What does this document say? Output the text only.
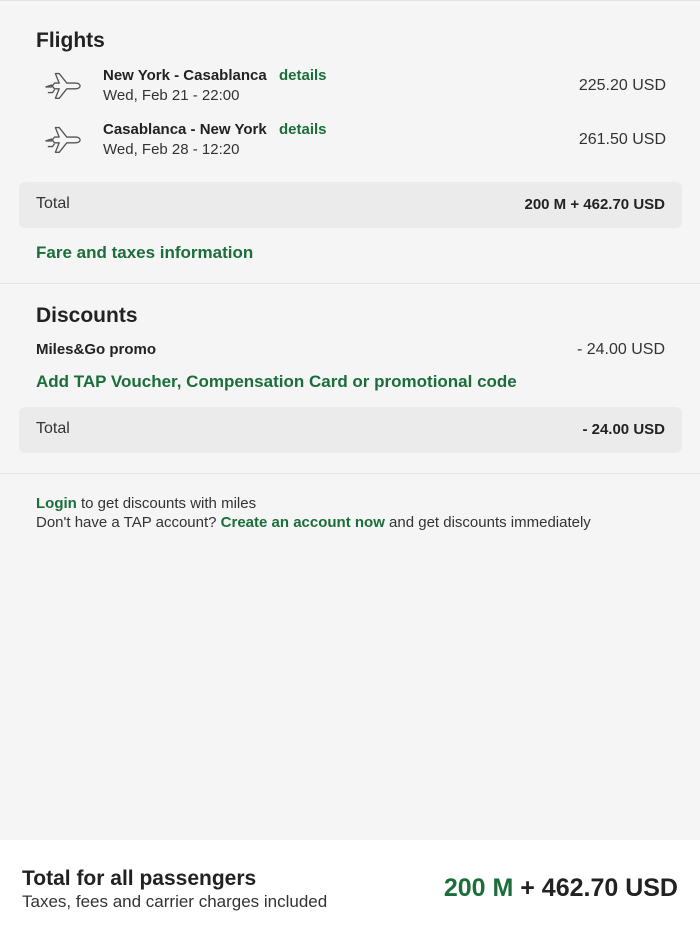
Flights
New York - Casablanca details
Wed, Feb 21 - 22:00
225.20 USD
Casablanca - New York details
Wed, Feb 28 - 12:20
261.50 USD
Total	200 M + 462.70 USD
Fare and taxes information
Discounts
Miles&Go promo	- 24.00 USD
Add TAP Voucher, Compensation Card or promotional code
Total	- 24.00 USD
Login to get discounts with miles
Don't have a TAP account? Create an account now and get discounts immediately
Total for all passengers
Taxes, fees and carrier charges included	200 M + 462.70 USD
